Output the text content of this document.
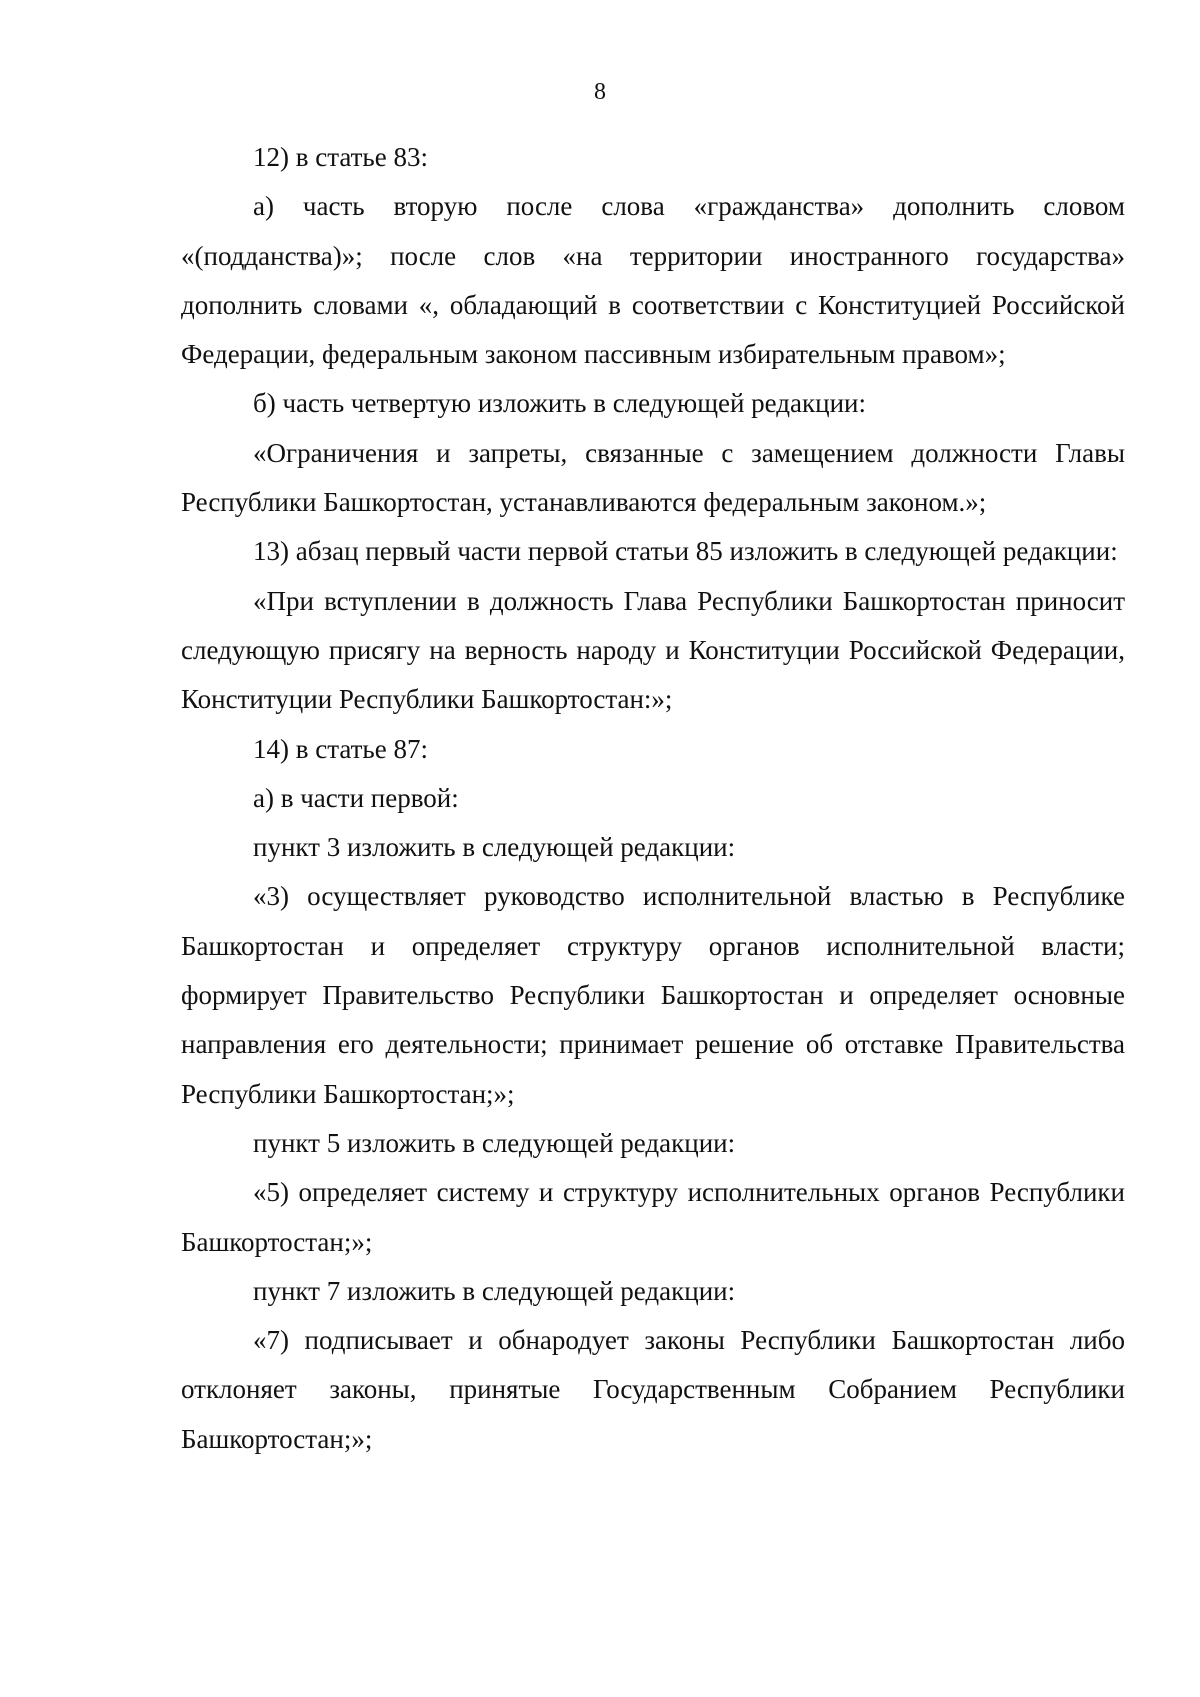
8

12) в статье 83:

а) часть вторую после слова «гражданства» дополнить словом «(подданства)»; после слов «на территории иностранного государства» дополнить словами «, обладающий в соответствии с Конституцией Российской Федерации, федеральным законом пассивным избирательным правом»;

б) часть четвертую изложить в следующей редакции:

«Ограничения и запреты, связанные с замещением должности Главы Республики Башкортостан, устанавливаются федеральным законом.»;

13) абзац первый части первой статьи 85 изложить в следующей редакции:

«При вступлении в должность Глава Республики Башкортостан приносит следующую присягу на верность народу и Конституции Российской Федерации, Конституции Республики Башкортостан:»;

14) в статье 87:

а) в части первой:

пункт 3 изложить в следующей редакции:

«3) осуществляет руководство исполнительной властью в Республике Башкортостан и определяет структуру органов исполнительной власти; формирует Правительство Республики Башкортостан и определяет основные направления его деятельности; принимает решение об отставке Правительства Республики Башкортостан;»;

пункт 5 изложить в следующей редакции:

«5) определяет систему и структуру исполнительных органов Республики Башкортостан;»;

пункт 7 изложить в следующей редакции:

«7) подписывает и обнародует законы Республики Башкортостан либо отклоняет законы, принятые Государственным Собранием Республики Башкортостан;»;
